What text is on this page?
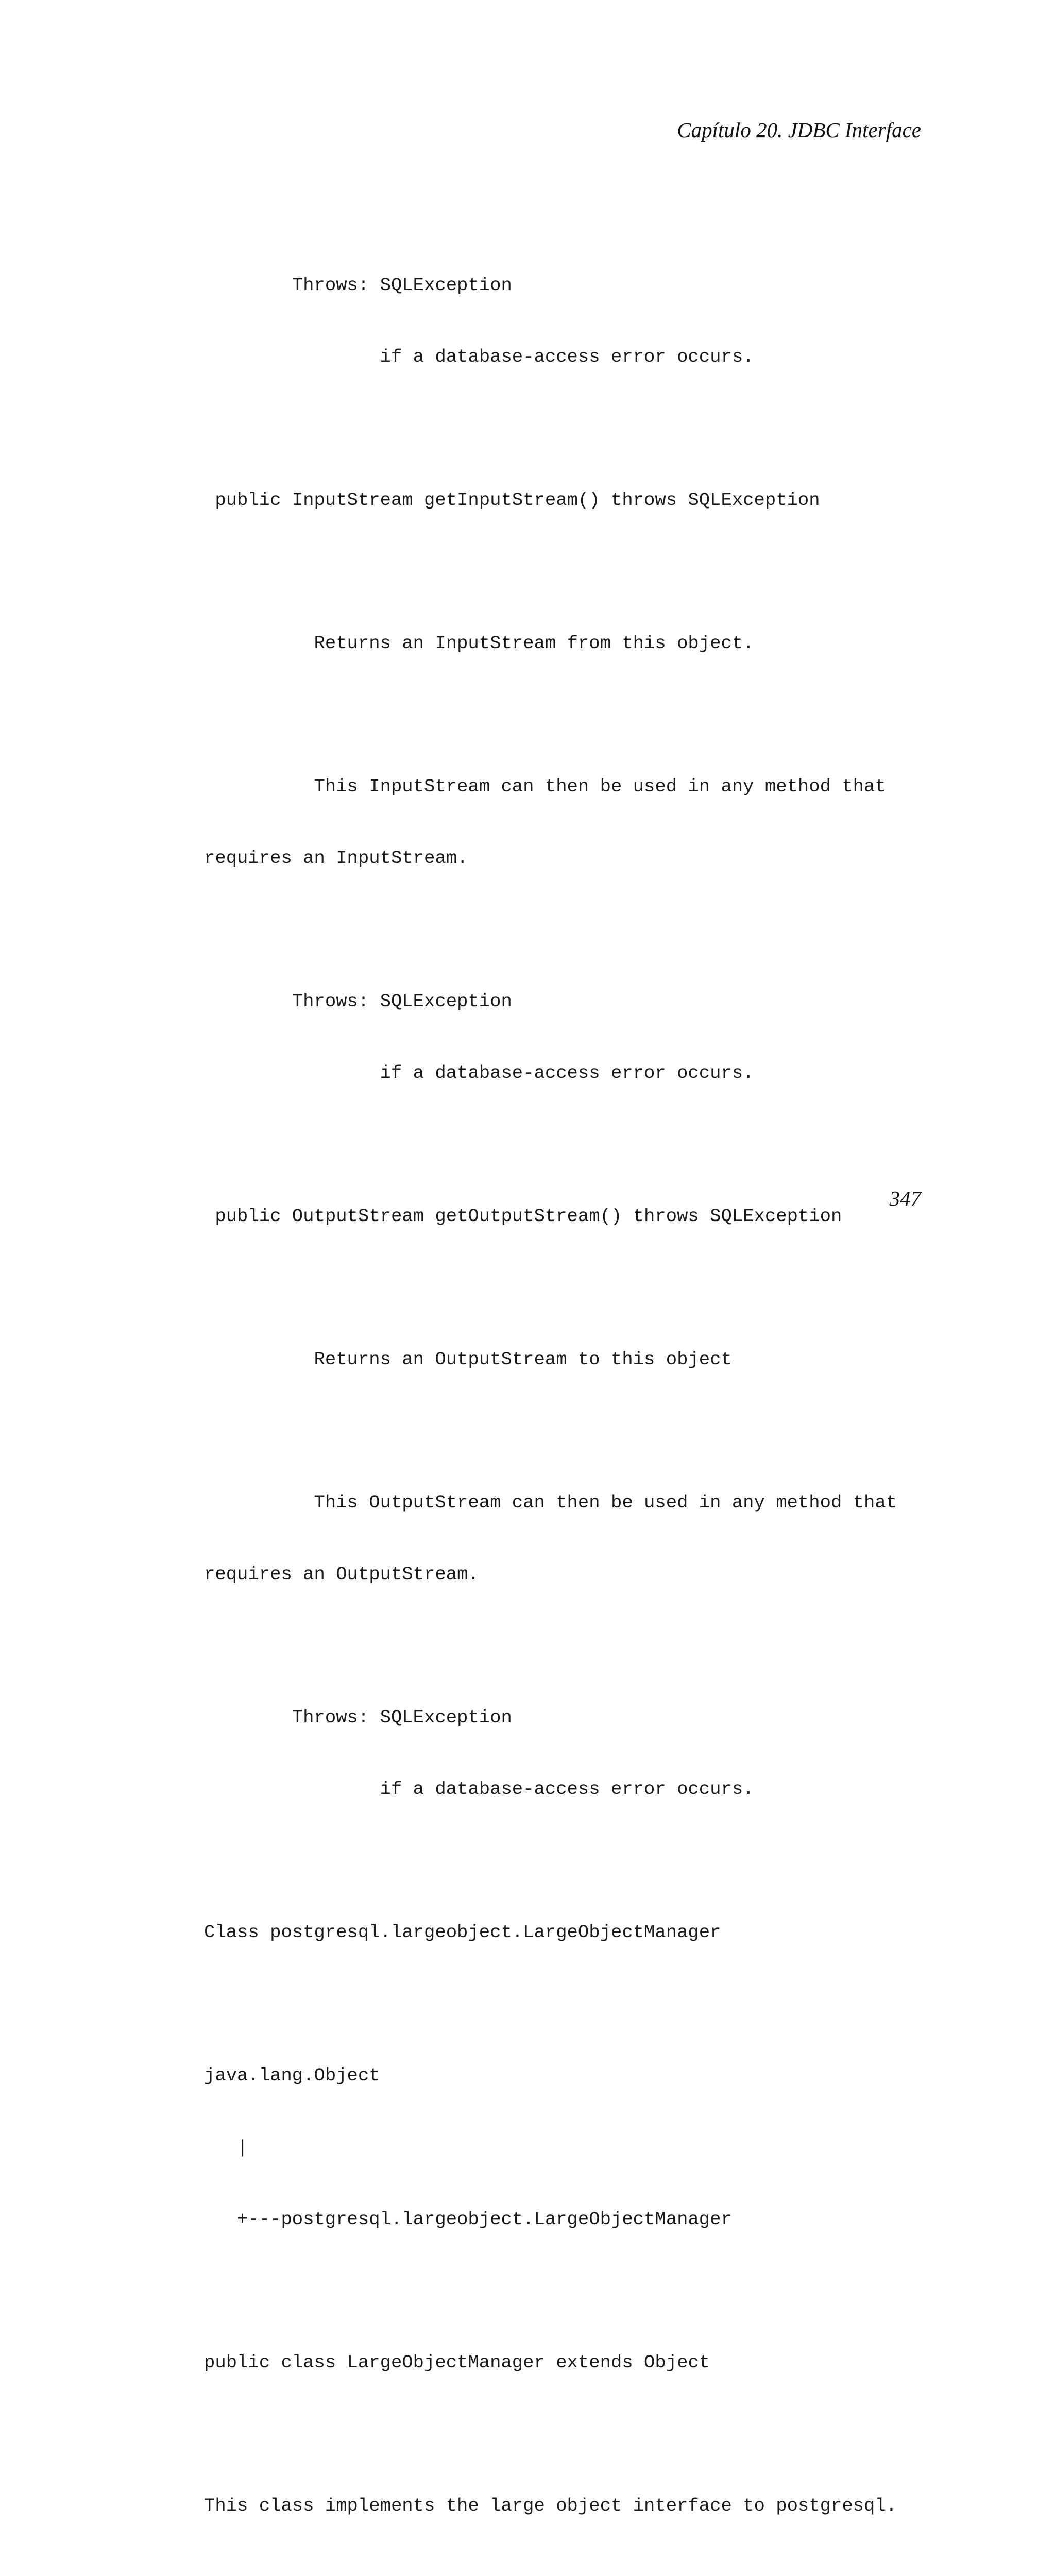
Capítulo 20. JDBC Interface

Throws: SQLException

if a database-access error occurs.

public InputStream getInputStream() throws SQLException

Returns an InputStream from this object.

This InputStream can then be used in any method that

requires an InputStream.

Throws: SQLException

if a database-access error occurs.

public OutputStream getOutputStream() throws SQLException

Returns an OutputStream to this object

This OutputStream can then be used in any method that

requires an OutputStream.

Throws: SQLException

if a database-access error occurs.

Class postgresql.largeobject.LargeObjectManager

java.lang.Object

|

+---postgresql.largeobject.LargeObjectManager

public class LargeObjectManager extends Object

This class implements the large object interface to postgresql.

347
